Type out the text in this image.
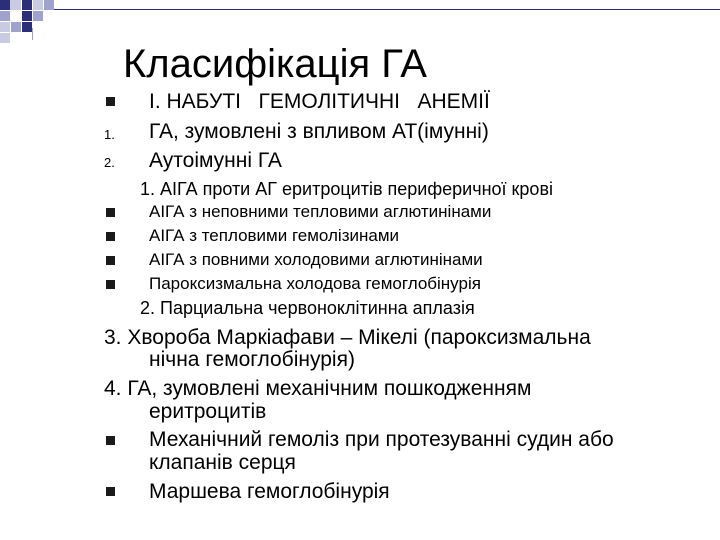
Класифікація ГА
І. НАБУТІ   ГЕМОЛІТИЧНІ   АНЕМІЇ
1. ГА, зумовлені з впливом АТ(імунні)
2. Аутоімунні ГА
1. АІГА проти АГ еритроцитів периферичної крові
АІГА з неповними тепловими аглютинінами
АІГА з тепловими гемолізинами
АІГА з повними холодовими аглютинінами
Пароксизмальна холодова гемоглобінурія
2. Парциальна червоноклітинна аплазія
3. Хвороба Маркіафави – Мікелі (пароксизмальна
нічна гемоглобінурія)
4. ГА, зумовлені механічним пошкодженням
еритроцитів
Механічний гемоліз при протезуванні судин або
клапанів серця
Маршева гемоглобінурія
